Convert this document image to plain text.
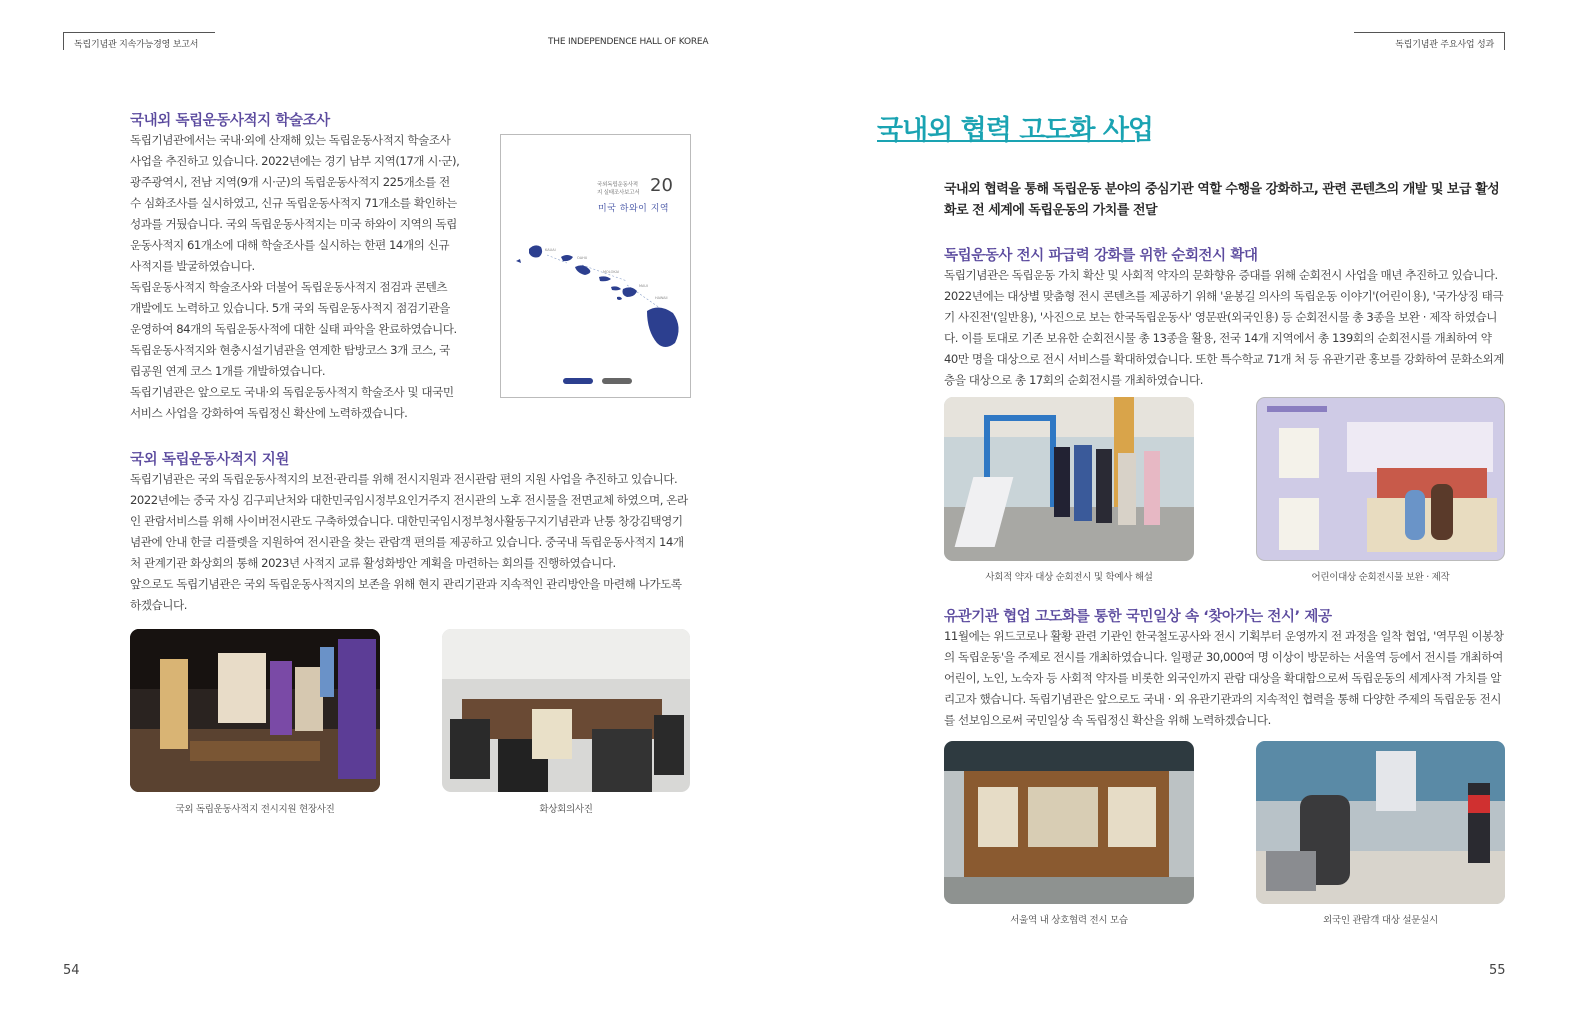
독립기념관 지속가능경영 보고서	THE INDEPENDENCE HALL OF KOREA	독립기념관 주요사업 성과
국내외 독립운동사적지 학술조사

독립기념관에서는 국내·외에 산재해 있는 독립운동사적지 학술조사 사업을 추진하고 있습니다. 2022년에는 경기 남부 지역(17개 시·군), 광주광역시, 전남 지역(9개 시·군)의 독립운동사적지 225개소를 전수 심화조사를 실시하였고, 신규 독립운동사적지 71개소를 확인하는 성과를 거뒀습니다. 국외 독립운동사적지는 미국 하와이 지역의 독립운동사적지 61개소에 대해 학술조사를 실시하는 한편 14개의 신규 사적지를 발굴하였습니다.

독립운동사적지 학술조사와 더불어 독립운동사적지 점검과 콘텐츠 개발에도 노력하고 있습니다. 5개 국외 독립운동사적지 점검기관을 운영하여 84개의 독립운동사적에 대한 실태 파악을 완료하였습니다. 독립운동사적지와 현충시설기념관을 연계한 탐방코스 3개 코스, 국립공원 연계 코스 1개를 개발하였습니다.

독립기념관은 앞으로도 국내·외 독립운동사적지 학술조사 및 대국민 서비스 사업을 강화하여 독립정신 확산에 노력하겠습니다.

국외독립운동사적지 실태조사보고서 20
미국 하와이 지역
KAUAI
OAHU
MOLOKAI
MAUI
HAWAII
국외 독립운동사적지 지원

독립기념관은 국외 독립운동사적지의 보전·관리를 위해 전시지원과 전시관람 편의 지원 사업을 추진하고 있습니다. 2022년에는 중국 자싱 김구피난처와 대한민국임시정부요인거주지 전시관의 노후 전시물을 전면교체 하였으며, 온라인 관람서비스를 위해 사이버전시관도 구축하였습니다. 대한민국임시정부청사활동구지기념관과 난퉁 창강김택영기념관에 안내 한글 리플렛을 지원하여 전시관을 찾는 관람객 편의를 제공하고 있습니다. 중국내 독립운동사적지 14개 처 관계기관 화상회의 통해 2023년 사적지 교류 활성화방안 계획을 마련하는 회의를 진행하였습니다.

앞으로도 독립기념관은 국외 독립운동사적지의 보존을 위해 현지 관리기관과 지속적인 관리방안을 마련해 나가도록 하겠습니다.

국외 독립운동사적지 전시지원 현장사진	화상회의사진
54
국내외 협력 고도화 사업
국내외 협력을 통해 독립운동 분야의 중심기관 역할 수행을 강화하고, 관련 콘텐츠의 개발 및 보급 활성화로 전 세계에 독립운동의 가치를 전달
독립운동사 전시 파급력 강화를 위한 순회전시 확대
독립기념관은 독립운동 가치 확산 및 사회적 약자의 문화향유 증대를 위해 순회전시 사업을 매년 추진하고 있습니다. 2022년에는 대상별 맞춤형 전시 콘텐츠를 제공하기 위해 '윤봉길 의사의 독립운동 이야기'(어린이용), '국가상징 태극기 사진전'(일반용), '사진으로 보는 한국독립운동사' 영문판(외국인용) 등 순회전시물 총 3종을 보완 · 제작 하였습니다. 이를 토대로 기존 보유한 순회전시물 총 13종을 활용, 전국 14개 지역에서 총 139회의 순회전시를 개최하여 약 40만 명을 대상으로 전시 서비스를 확대하였습니다. 또한 특수학교 71개 처 등 유관기관 홍보를 강화하여 문화소외계층을 대상으로 총 17회의 순회전시를 개최하였습니다.
사회적 약자 대상 순회전시 및 학예사 해설	어린이대상 순회전시물 보완 · 제작
유관기관 협업 고도화를 통한 국민일상 속 ‘찾아가는 전시’ 제공
11월에는 위드코로나 활황 관련 기관인 한국철도공사와 전시 기획부터 운영까지 전 과정을 일착 협업, '역무원 이봉창의 독립운동'을 주제로 전시를 개최하였습니다. 일평균 30,000여 명 이상이 방문하는 서울역 등에서 전시를 개최하여 어린이, 노인, 노숙자 등 사회적 약자를 비롯한 외국인까지 관람 대상을 확대함으로써 독립운동의 세계사적 가치를 알리고자 했습니다. 독립기념관은 앞으로도 국내 · 외 유관기관과의 지속적인 협력을 통해 다양한 주제의 독립운동 전시를 선보임으로써 국민일상 속 독립정신 확산을 위해 노력하겠습니다.
서울역 내 상호협력 전시 모습	외국인 관람객 대상 설문실시
55
